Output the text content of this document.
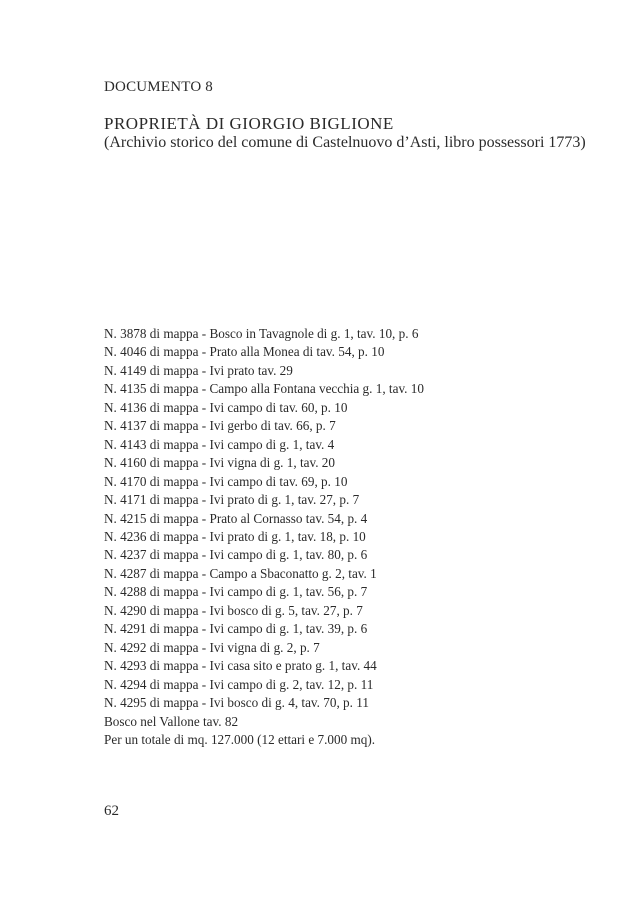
DOCUMENTO 8
PROPRIETÀ DI GIORGIO BIGLIONE
(Archivio storico del comune di Castelnuovo d’Asti, libro possessori 1773)
N. 3878 di mappa - Bosco in Tavagnole di g. 1, tav. 10, p. 6
N. 4046 di mappa - Prato alla Monea di tav. 54, p. 10
N. 4149 di mappa - Ivi prato tav. 29
N. 4135 di mappa - Campo alla Fontana vecchia g. 1, tav. 10
N. 4136 di mappa - Ivi campo di tav. 60, p. 10
N. 4137 di mappa - Ivi gerbo di tav. 66, p. 7
N. 4143 di mappa - Ivi campo di g. 1, tav. 4
N. 4160 di mappa - Ivi vigna di g. 1, tav. 20
N. 4170 di mappa - Ivi campo di tav. 69, p. 10
N. 4171 di mappa - Ivi prato di g. 1, tav. 27, p. 7
N. 4215 di mappa - Prato al Cornasso tav. 54, p. 4
N. 4236 di mappa - Ivi prato di g. 1, tav. 18, p. 10
N. 4237 di mappa - Ivi campo di g. 1, tav. 80, p. 6
N. 4287 di mappa - Campo a Sbaconatto g. 2, tav. 1
N. 4288 di mappa - Ivi campo di g. 1, tav. 56, p. 7
N. 4290 di mappa - Ivi bosco di g. 5, tav. 27, p. 7
N. 4291 di mappa - Ivi campo di g. 1, tav. 39, p. 6
N. 4292 di mappa - Ivi vigna di g. 2, p. 7
N. 4293 di mappa - Ivi casa sito e prato g. 1, tav. 44
N. 4294 di mappa - Ivi campo di g. 2, tav. 12, p. 11
N. 4295 di mappa - Ivi bosco di g. 4, tav. 70, p. 11
Bosco nel Vallone tav. 82
Per un totale di mq. 127.000 (12 ettari e 7.000 mq).
62
